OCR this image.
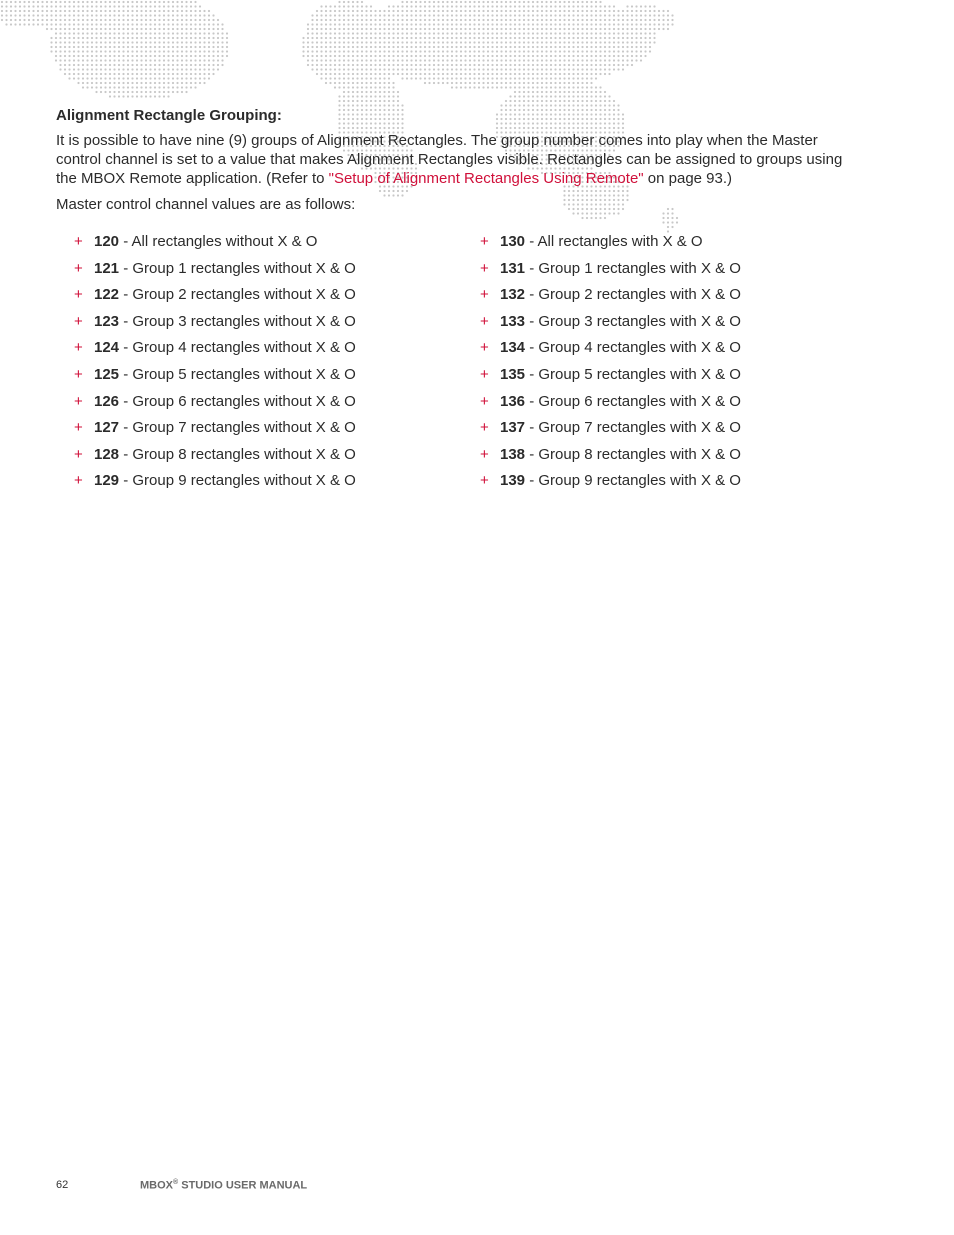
Alignment Rectangle Grouping:

It is possible to have nine (9) groups of Alignment Rectangles. The group number comes into play when the Master control channel is set to a value that makes Alignment Rectangles visible. Rectangles can be assigned to groups using the MBOX Remote application. (Refer to "Setup of Alignment Rectangles Using Remote" on page 93.)

Master control channel values are as follows:

+ 120 - All rectangles without X & O
+ 121 - Group 1 rectangles without X & O
+ 122 - Group 2 rectangles without X & O
+ 123 - Group 3 rectangles without X & O
+ 124 - Group 4 rectangles without X & O
+ 125 - Group 5 rectangles without X & O
+ 126 - Group 6 rectangles without X & O
+ 127 - Group 7 rectangles without X & O
+ 128 - Group 8 rectangles without X & O
+ 129 - Group 9 rectangles without X & O
+ 130 - All rectangles with X & O
+ 131 - Group 1 rectangles with X & O
+ 132 - Group 2 rectangles with X & O
+ 133 - Group 3 rectangles with X & O
+ 134 - Group 4 rectangles with X & O
+ 135 - Group 5 rectangles with X & O
+ 136 - Group 6 rectangles with X & O
+ 137 - Group 7 rectangles with X & O
+ 138 - Group 8 rectangles with X & O
+ 139 - Group 9 rectangles with X & O
62	MBOX® STUDIO USER MANUAL
